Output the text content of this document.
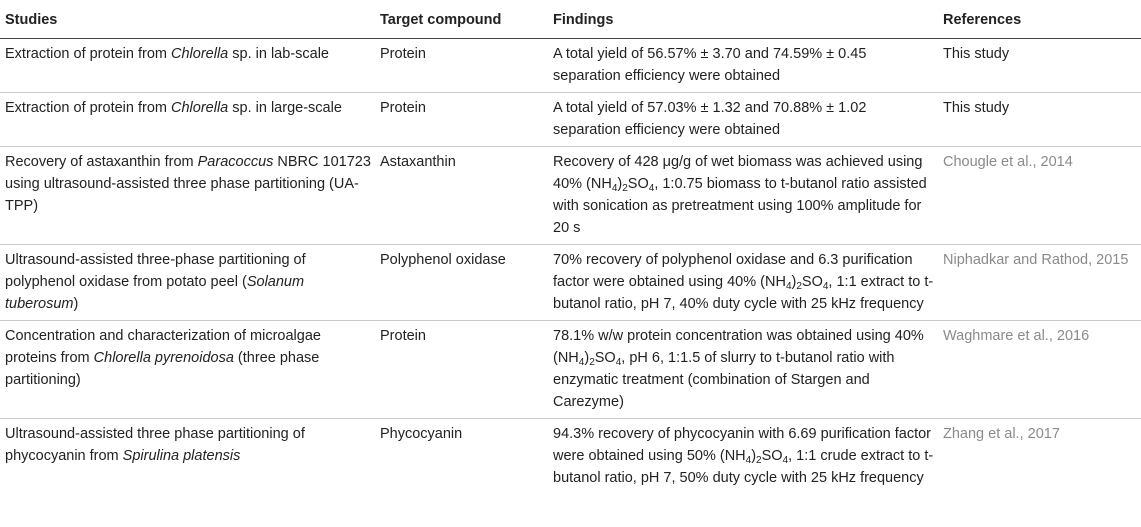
Studies	Target compound	Findings	References
Extraction of protein from Chlorella sp. in lab-scale	Protein	A total yield of 56.57% ± 3.70 and 74.59% ± 0.45 separation efficiency were obtained	This study
Extraction of protein from Chlorella sp. in large-scale	Protein	A total yield of 57.03% ± 1.32 and 70.88% ± 1.02 separation efficiency were obtained	This study
Recovery of astaxanthin from Paracoccus NBRC 101723 using ultrasound-assisted three phase partitioning (UA-TPP)	Astaxanthin	Recovery of 428 μg/g of wet biomass was achieved using 40% $(NH_4)_2SO_4$, 1:0.75 biomass to t-butanol ratio assisted with sonication as pretreatment using 100% amplitude for 20 s	Chougle et al., 2014
Ultrasound-assisted three-phase partitioning of polyphenol oxidase from potato peel (Solanum tuberosum)	Polyphenol oxidase	70% recovery of polyphenol oxidase and 6.3 purification factor were obtained using 40% $(NH_4)_2SO_4$, 1:1 extract to t-butanol ratio, pH 7, 40% duty cycle with 25 kHz frequency	Niphadkar and Rathod, 2015
Concentration and characterization of microalgae proteins from Chlorella pyrenoidosa (three phase partitioning)	Protein	78.1% w/w protein concentration was obtained using 40% $(NH_4)_2SO_4$, pH 6, 1:1.5 of slurry to t-butanol ratio with enzymatic treatment (combination of Stargen and Carezyme)	Waghmare et al., 2016
Ultrasound-assisted three phase partitioning of phycocyanin from Spirulina platensis	Phycocyanin	94.3% recovery of phycocyanin with 6.69 purification factor were obtained using 50% $(NH_4)_2SO_4$, 1:1 crude extract to t-butanol ratio, pH 7, 50% duty cycle with 25 kHz frequency	Zhang et al., 2017
